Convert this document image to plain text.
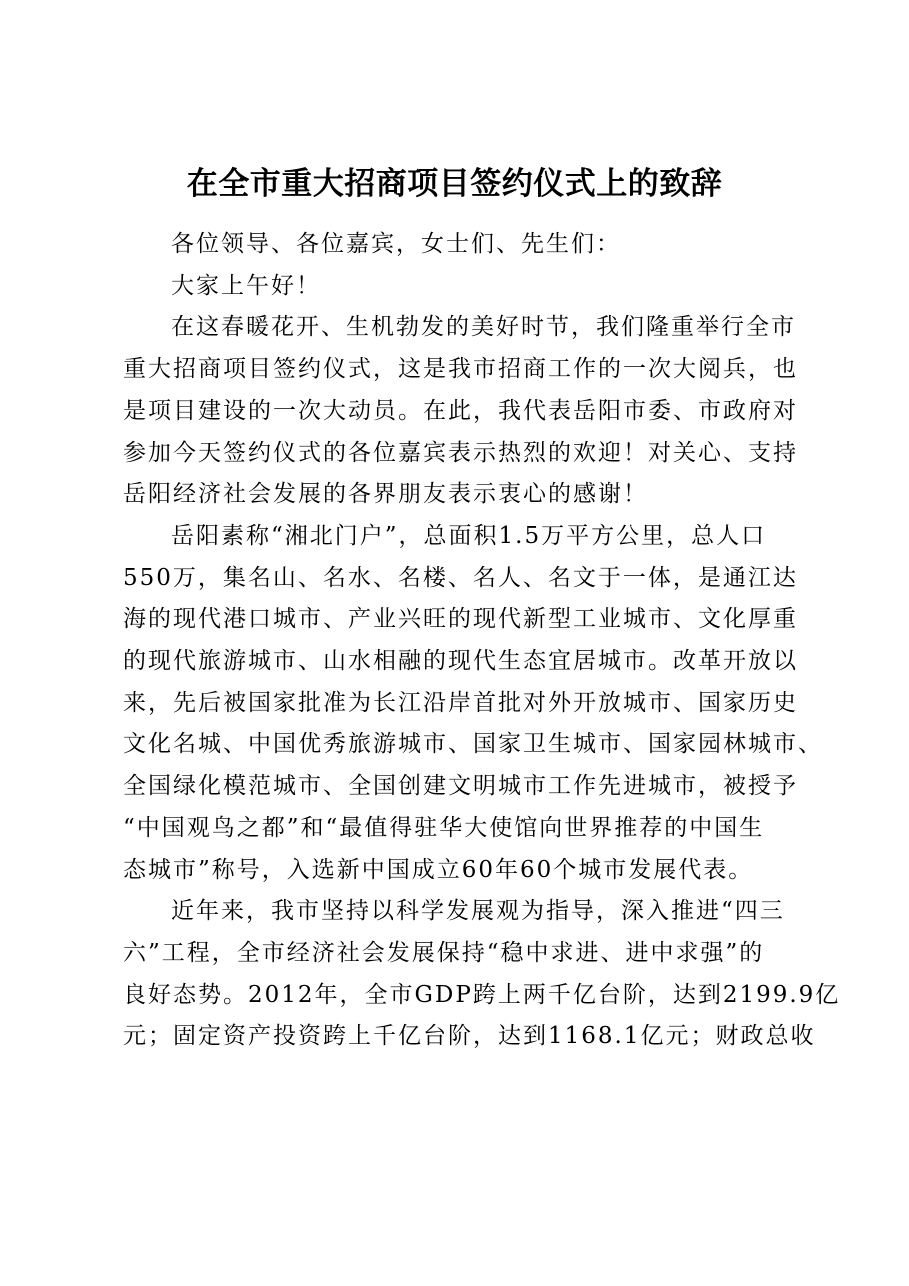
在全市重大招商项目签约仪式上的致辞

各位领导、各位嘉宾，女士们、先生们：

大家上午好！

在这春暖花开、生机勃发的美好时节，我们隆重举行全市
重大招商项目签约仪式，这是我市招商工作的一次大阅兵，也
是项目建设的一次大动员。在此，我代表岳阳市委、市政府对
参加今天签约仪式的各位嘉宾表示热烈的欢迎！对关心、支持
岳阳经济社会发展的各界朋友表示衷心的感谢！

岳阳素称“湘北门户”，总面积1.5万平方公里，总人口
550万，集名山、名水、名楼、名人、名文于一体，是通江达
海的现代港口城市、产业兴旺的现代新型工业城市、文化厚重
的现代旅游城市、山水相融的现代生态宜居城市。改革开放以
来，先后被国家批准为长江沿岸首批对外开放城市、国家历史
文化名城、中国优秀旅游城市、国家卫生城市、国家园林城市、
全国绿化模范城市、全国创建文明城市工作先进城市，被授予
“中国观鸟之都”和“最值得驻华大使馆向世界推荐的中国生
态城市”称号，入选新中国成立60年60个城市发展代表。

近年来，我市坚持以科学发展观为指导，深入推进“四三
六”工程，全市经济社会发展保持“稳中求进、进中求强”的
良好态势。2012年，全市GDP跨上两千亿台阶，达到2199.9亿
元；固定资产投资跨上千亿台阶，达到1168.1亿元；财政总收
